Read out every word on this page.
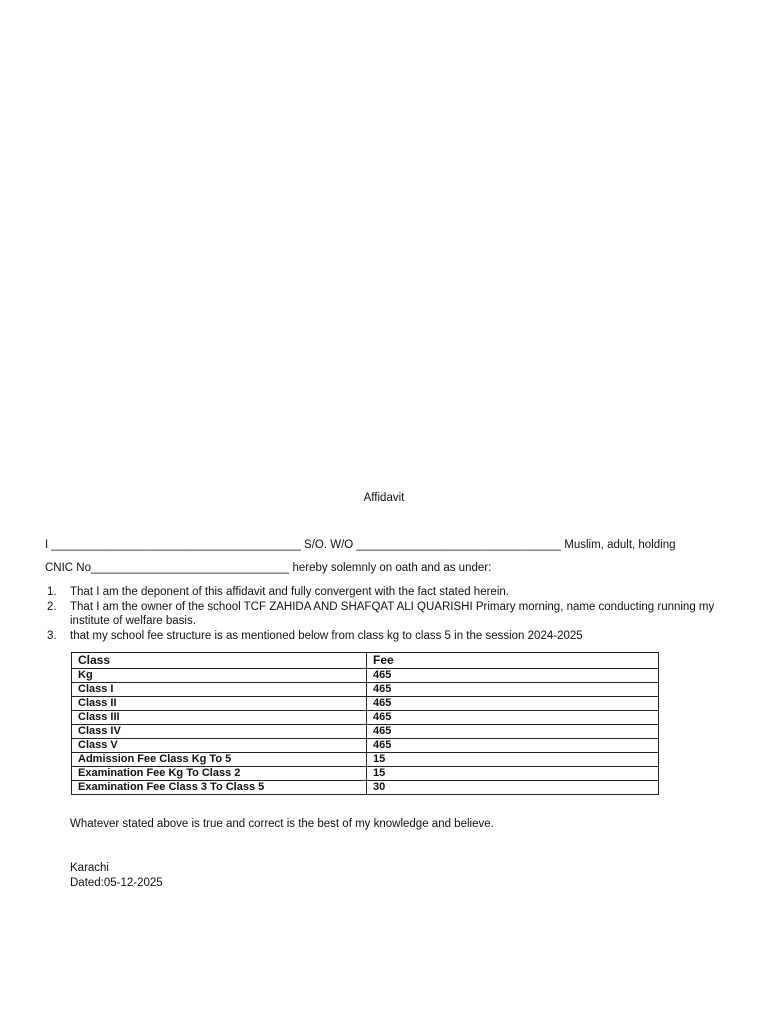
Affidavit
I _______________________________________ S/O. W/O ________________________________ Muslim, adult, holding
CNIC No_______________________________ hereby solemnly on oath and as under:
1. That I am the deponent of this affidavit and fully convergent with the fact stated herein.
2. That I am the owner of the school TCF ZAHIDA AND SHAFQAT ALI QUARISHI Primary morning, name conducting running my institute of welfare basis.
3. that my school fee structure is as mentioned below from class kg to class 5 in the session 2024-2025
Class	Fee
Kg	465
Class I	465
Class II	465
Class III	465
Class IV	465
Class V	465
Admission Fee Class Kg To 5	15
Examination Fee Kg To Class 2	15
Examination Fee Class 3 To Class 5	30
Whatever stated above is true and correct is the best of my knowledge and believe.
Karachi
Dated:05-12-2025
